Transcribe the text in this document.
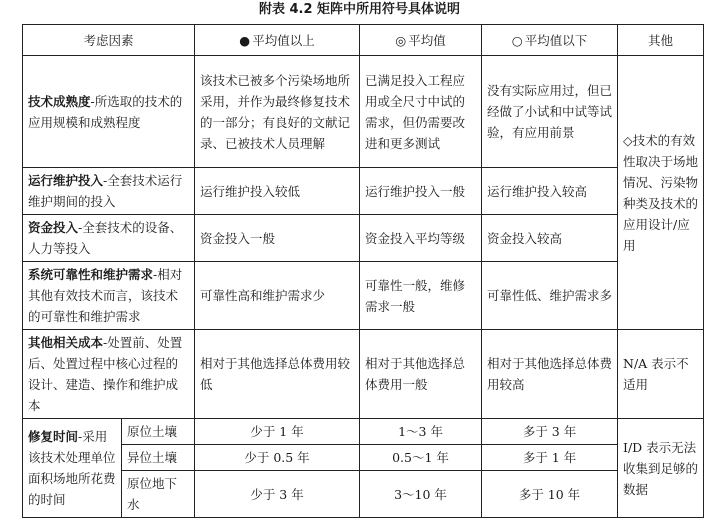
附表 4.2 矩阵中所用符号具体说明
考虑因素		● 平均值以上	◎ 平均值	○ 平均值以下	其他
技术成熟度-所选取的技术的应用规模和成熟程度		该技术已被多个污染场地所采用，并作为最终修复技术的一部分；有良好的文献记录、已被技术人员理解	已满足投入工程应用或全尺寸中试的需求，但仍需要改进和更多测试	没有实际应用过，但已经做了小试和中试等试验，有应用前景	◇技术的有效性取决于场地情况、污染物种类及技术的应用设计/应用
运行维护投入-全套技术运行维护期间的投入		运行维护投入较低	运行维护投入一般	运行维护投入较高	
资金投入-全套技术的设备、人力等投入		资金投入一般	资金投入平均等级	资金投入较高	
系统可靠性和维护需求-相对其他有效技术而言，该技术的可靠性和维护需求		可靠性高和维护需求少	可靠性一般，维修需求一般	可靠性低、维护需求多	
其他相关成本-处置前、处置后、处置过程中核心过程的设计、建造、操作和维护成本		相对于其他选择总体费用较低	相对于其他选择总体费用一般	相对于其他选择总体费用较高	N/A 表示不适用
修复时间-采用该技术处理单位面积场地所花费的时间	原位土壤	少于 1 年	1～3 年	多于 3 年	I/D 表示无法收集到足够的数据
	异位土壤	少于 0.5 年	0.5～1 年	多于 1 年	
	原位地下水	少于 3 年	3～10 年	多于 10 年	
